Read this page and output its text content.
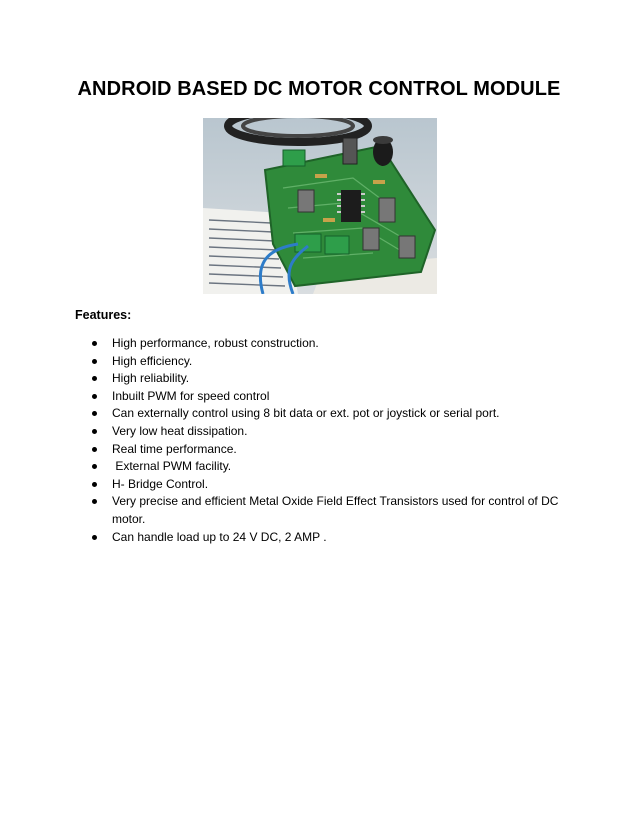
ANDROID BASED DC MOTOR CONTROL MODULE
Features:
High performance, robust construction.
High efficiency.
High reliability.
Inbuilt PWM for speed control
Can externally control using 8 bit data or ext. pot or joystick or serial port.
Very low heat dissipation.
Real time performance.
External PWM facility.
H- Bridge Control.
Very precise and efficient Metal Oxide Field Effect Transistors used for control of DC motor.
Can handle load up to 24 V DC, 2 AMP .
